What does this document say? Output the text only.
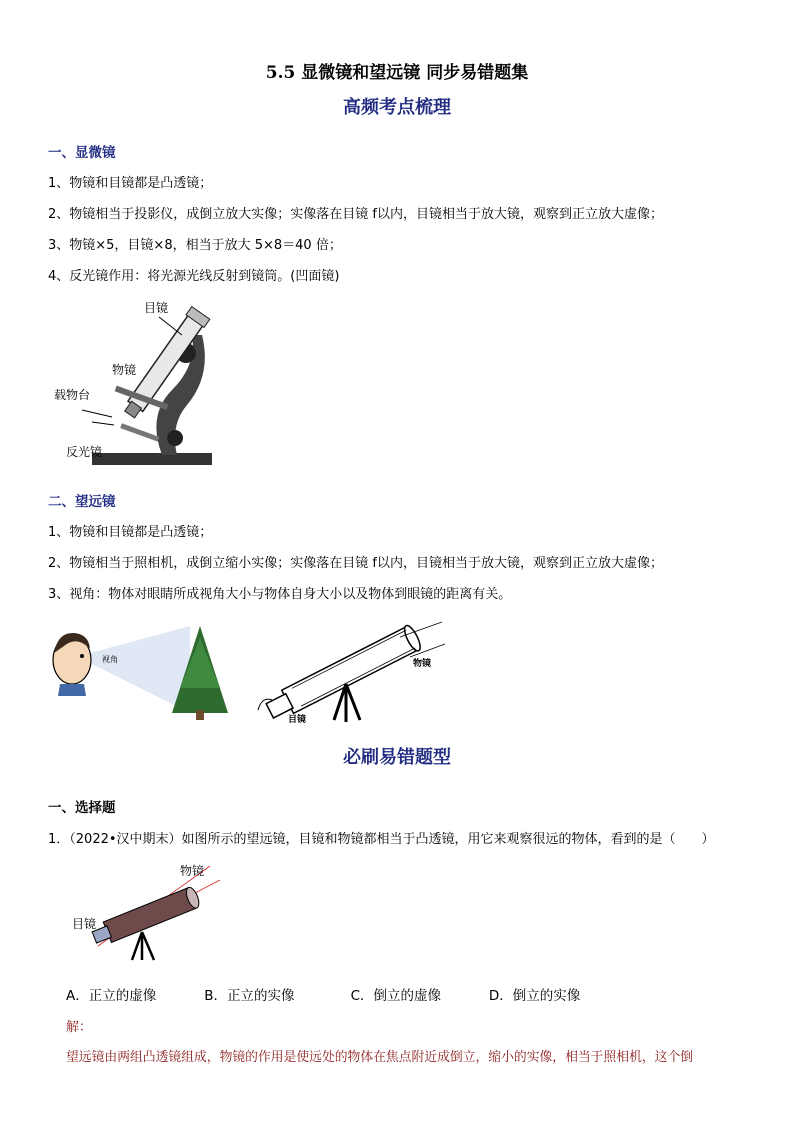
5.5 显微镜和望远镜 同步易错题集
高频考点梳理
一、显微镜
1、物镜和目镜都是凸透镜；
2、物镜相当于投影仪，成倒立放大实像；实像落在目镜 f以内，目镜相当于放大镜，观察到正立放大虚像；
3、物镜×5，目镜×8，相当于放大 5×8＝40 倍；
4、反光镜作用：将光源光线反射到镜筒。(凹面镜)
目镜
物镜
载物台
反光镜
二、望远镜
1、物镜和目镜都是凸透镜；
2、物镜相当于照相机，成倒立缩小实像；实像落在目镜 f以内，目镜相当于放大镜，观察到正立放大虚像；
3、视角：物体对眼睛所成视角大小与物体自身大小以及物体到眼镜的距离有关。
视角	物镜
目镜
必刷易错题型
一、选择题
1．（2022•汉中期末）如图所示的望远镜，目镜和物镜都相当于凸透镜，用它来观察很远的物体，看到的是（　　）
物镜
目镜
A．正立的虚像	B．正立的实像	C．倒立的虚像	D．倒立的实像
解：
望远镜由两组凸透镜组成，物镜的作用是使远处的物体在焦点附近成倒立，缩小的实像，相当于照相机，这个倒
